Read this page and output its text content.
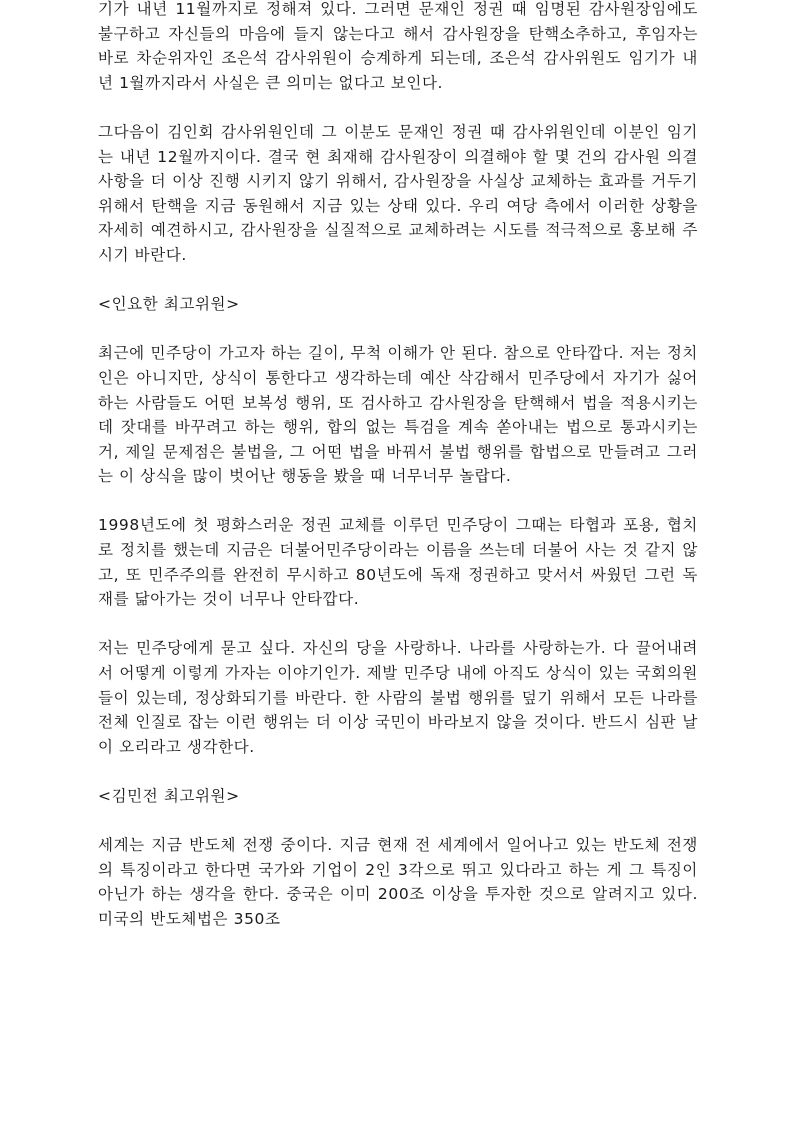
기가 내년 11월까지로 정해져 있다. 그러면 문재인 정권 때 임명된 감사원장임에도 불구하고 자신들의 마음에 들지 않는다고 해서 감사원장을 탄핵소추하고, 후임자는 바로 차순위자인 조은석 감사위원이 승계하게 되는데, 조은석 감사위원도 임기가 내년 1월까지라서 사실은 큰 의미는 없다고 보인다.

그다음이 김인회 감사위원인데 그 이분도 문재인 정권 때 감사위원인데 이분인 임기는 내년 12월까지이다. 결국 현 최재해 감사원장이 의결해야 할 몇 건의 감사원 의결 사항을 더 이상 진행 시키지 않기 위해서, 감사원장을 사실상 교체하는 효과를 거두기 위해서 탄핵을 지금 동원해서 지금 있는 상태 있다. 우리 여당 측에서 이러한 상황을 자세히 예견하시고, 감사원장을 실질적으로 교체하려는 시도를 적극적으로 홍보해 주시기 바란다.

<인요한 최고위원>

최근에 민주당이 가고자 하는 길이, 무척 이해가 안 된다. 참으로 안타깝다. 저는 정치인은 아니지만, 상식이 통한다고 생각하는데 예산 삭감해서 민주당에서 자기가 싫어하는 사람들도 어떤 보복성 행위, 또 검사하고 감사원장을 탄핵해서 법을 적용시키는 데 잣대를 바꾸려고 하는 행위, 합의 없는 특검을 계속 쏟아내는 법으로 통과시키는 거, 제일 문제점은 불법을, 그 어떤 법을 바꿔서 불법 행위를 합법으로 만들려고 그러는 이 상식을 많이 벗어난 행동을 봤을 때 너무너무 놀랍다.

1998년도에 첫 평화스러운 정권 교체를 이루던 민주당이 그때는 타협과 포용, 협치로 정치를 했는데 지금은 더불어민주당이라는 이름을 쓰는데 더불어 사는 것 같지 않고, 또 민주주의를 완전히 무시하고 80년도에 독재 정권하고 맞서서 싸웠던 그런 독재를 닮아가는 것이 너무나 안타깝다.

저는 민주당에게 묻고 싶다. 자신의 당을 사랑하나. 나라를 사랑하는가. 다 끌어내려서 어떻게 이렇게 가자는 이야기인가. 제발 민주당 내에 아직도 상식이 있는 국회의원들이 있는데, 정상화되기를 바란다. 한 사람의 불법 행위를 덮기 위해서 모든 나라를 전체 인질로 잡는 이런 행위는 더 이상 국민이 바라보지 않을 것이다. 반드시 심판 날이 오리라고 생각한다.

<김민전 최고위원>

세계는 지금 반도체 전쟁 중이다. 지금 현재 전 세계에서 일어나고 있는 반도체 전쟁의 특징이라고 한다면 국가와 기업이 2인 3각으로 뛰고 있다라고 하는 게 그 특징이 아닌가 하는 생각을 한다. 중국은 이미 200조 이상을 투자한 것으로 알려지고 있다. 미국의 반도체법은 350조
